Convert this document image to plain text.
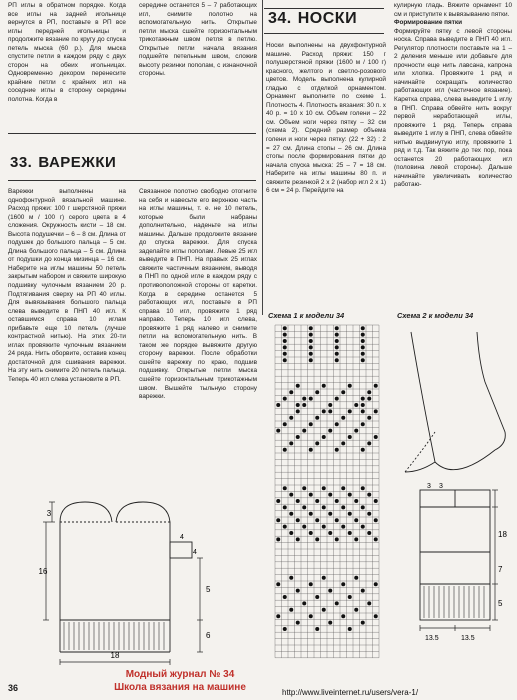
РП иглы в обратном порядке. Когда все иглы на задней игольнице вернутся в РП, поставьте в РП все иглы передней игольницы и продолжите вязание по кругу до спуска петель мыска (60 р.). Для мыска спустите петли в каждом ряду с двух сторон на обеих игольницах. Одновременно декором перенесите крайние петли с крайних игл на соседние иглы в сторону середины полотна. Когда в

середине останется 5 – 7 работающих игл, снимите полотно на вспомогательную нить. Открытые петли мыска сшейте горизонтальным трикотажным швом петля в петлю. Открытые петли начала вязания подшейте петельным швом, сложив высоту резинки пополам, с изнаночной стороны.

33. ВАРЕЖКИ

Варежки выполнены на однофонтурной вязальной машине. Расход пряжи: 100 г шерстяной пряжи (1600 м / 100 г) серого цвета в 4 сложения. Окружность кисти – 18 см. Высота подушечки – 6 – 8 см. Длина от подушек до большого пальца – 5 см. Длина большого пальца – 5 см. Длина от подушки до конца мизинца – 16 см. Наберите на иглы машины 50 петель закрытым набором и свяжите широкую подшивку чулочным вязанием 20 р. Подтягивания сверху на РП 40 иглы. Для вывязывания большого пальца слева выведите в ПНП 40 игл. К оставшимся справа 10 иглам прибавьте еще 10 петель (лучше контрастной нитью). На этих 20-ти иглах провяжите чулочным вязанием 24 ряда. Нить оборвите, оставив конец достаточной для сшивания варежки. На эту нить снимите 20 петель пальца. Теперь 40 игл слева установите в РП.

Связанное полотно свободно отогните на себя и навесьте его верхнюю часть на иглы машины, т. е. не 10 петель, которые были набраны дополнительно, наденьте на иглы машины. Дальше продолжите вязание до спуска варежки. Для спуска заделайте иглы пополам. Левые 25 игл выведите в ПНП. На правых 25 иглах свяжите частичным вязанием, выводя в ПНП по одной игле в каждом ряду с противоположной стороны от каретки. Когда в середине останется 5 работающих игл, поставьте в РП справа 10 игл, провяжите 1 ряд направо. Теперь 10 игл слева, провяжите 1 ряд налево и снимите петли на вспомогательную нить. В таком же порядке вывяжите другую сторону варежки. После обработки сшейте варежку по краю, подшив подшивку. Открытые петли мыска сшейте горизонтальным трикотажным швом. Вышейте тыльную сторону варежки.

3
16
4
4
5
6
18
36
Модный журнал № 34
Школа вязания на машине	http://www.liveinternet.ru/users/vera-1/
34. НОСКИ

Носки выполнены на двухфонтурной машине. Расход пряжи: 150 г полушерстяной пряжи (1600 м / 100 г) красного, желтого и светло-розового цветов. Модель выполнена кулирной гладью с отделкой орнаментом. Орнамент выполните по схеме 1. Плотность 4. Плотность вязания: 30 п. х 40 р. = 10 х 10 см. Объем голени – 22 см. Объем ноги через пятку – 32 см (схема 2). Средний размер объема голени и ноги через пятку: (22 + 32) : 2 = 27 см. Длина стопы – 26 см. Длина стопы после формирования пятки до начала спуска мыска: 25 – 7 = 18 см. Наберите на иглы машины 80 п. и свяжите резинкой 2 х 2 (набор игл 2 х 1) 6 см = 24 р. Перейдите на

кулирную гладь. Вяжите орнамент 10 см и приступите к вывязыванию пятки.

Формирование пятки

Формируйте пятку с левой стороны носка. Справа выведите в ПНП 40 игл. Регулятор плотности поставьте на 1 – 2 деления меньше или добавьте для прочности еще нить лавсана, капрона или хлопка. Провяжите 1 ряд и начинайте сокращать количество работающих игл (частичное вязание). Каретка справа, слева выведите 1 иглу в ПНП. Справа обвейте нить вокруг первой неработающей иглы, провяжите 1 ряд. Теперь справа выведите 1 иглу в ПНП, слева обвейте нитью выдвинутую иглу, провяжите 1 ряд и т.д. Так вяжите до тех пор, пока останется 20 работающих игл (половина левой стороны). Дальше начинайте увеличивать количество работаю-

Схема 1 к модели 34	Схема 2 к модели 34
3 3
18
7
5
13.5	13.5
